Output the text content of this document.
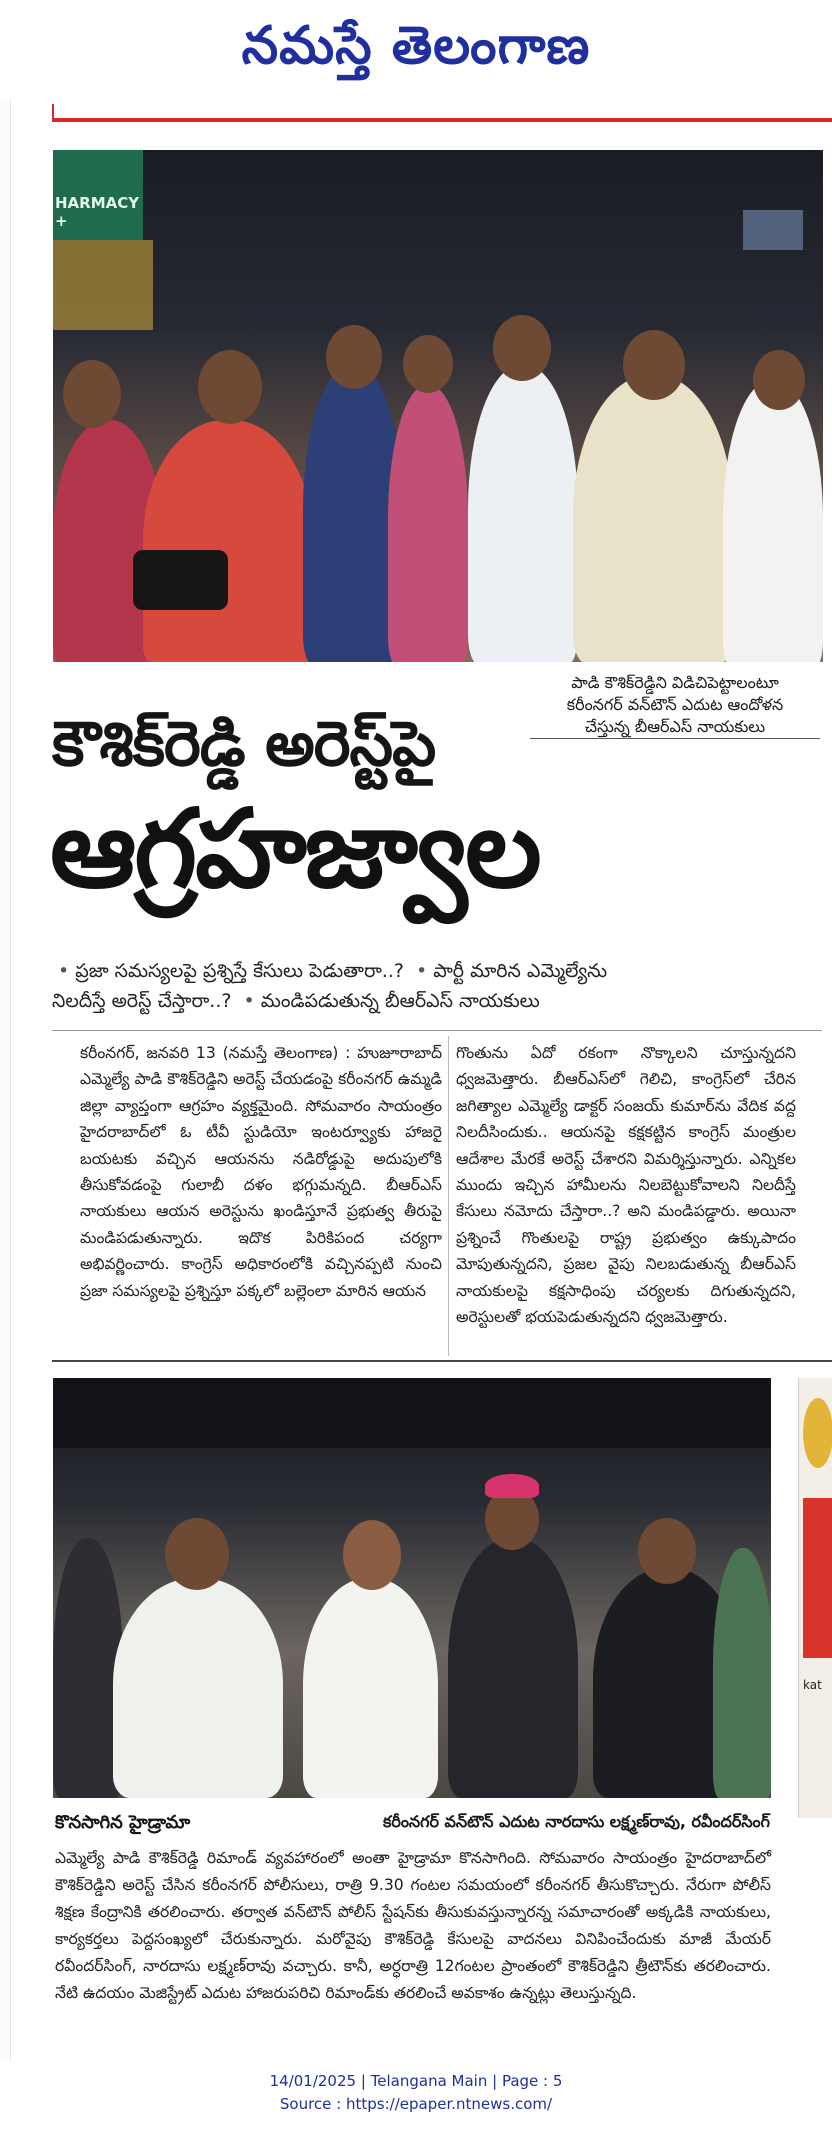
నమస్తే తెలంగాణ
HARMACY +
పాడి కౌశిక్‌రెడ్డిని విడిచిపెట్టాలంటూ
కరీంనగర్ వన్‌టౌన్ ఎదుట ఆందోళన
చేస్తున్న బీఆర్‌ఎస్ నాయకులు
కౌశిక్‌రెడ్డి అరెస్ట్‌పై
ఆగ్రహజ్వాల
• ప్రజా సమస్యలపై ప్రశ్నిస్తే కేసులు పెడుతారా..? • పార్టీ మారిన ఎమ్మెల్యేను నిలదీస్తే అరెస్ట్ చేస్తారా..? • మండిపడుతున్న బీఆర్‌ఎస్ నాయకులు
కరీంనగర్, జనవరి 13 (నమస్తే తెలంగాణ) : హుజూరాబాద్ ఎమ్మెల్యే పాడి కౌశిక్‌రెడ్డిని అరెస్ట్ చేయడంపై కరీంనగర్ ఉమ్మడి జిల్లా వ్యాప్తంగా ఆగ్రహం వ్యక్తమైంది. సోమవారం సాయంత్రం హైదరాబాద్‌లో ఓ టీవీ స్టుడియో ఇంటర్వ్యూకు హాజరై బయటకు వచ్చిన ఆయనను నడిరోడ్డుపై అదుపులోకి తీసుకోవడంపై గులాబీ దళం భగ్గుమన్నది. బీఆర్‌ఎస్ నాయకులు ఆయన అరెస్టును ఖండిస్తూనే ప్రభుత్వ తీరుపై మండిపడుతున్నారు. ఇదొక పిరికిపంద చర్యగా అభివర్ణించారు. కాంగ్రెస్ అధికారంలోకి వచ్చినప్పటి నుంచి ప్రజా సమస్యలపై ప్రశ్నిస్తూ పక్కలో బల్లెంలా మారిన ఆయన
గొంతును ఏదో రకంగా నొక్కాలని చూస్తున్నదని ధ్వజమెత్తారు. బీఆర్‌ఎస్‌లో గెలిచి, కాంగ్రెస్‌లో చేరిన జగిత్యాల ఎమ్మెల్యే డాక్టర్ సంజయ్ కుమార్‌ను వేదిక వద్ద నిలదీసిందుకు.. ఆయనపై కక్షకట్టిన కాంగ్రెస్ మంత్రుల ఆదేశాల మేరకే అరెస్ట్ చేశారని విమర్శిస్తున్నారు. ఎన్నికల ముందు ఇచ్చిన హామీలను నిలబెట్టుకోవాలని నిలదీస్తే కేసులు నమోదు చేస్తారా..? అని మండిపడ్డారు. అయినా ప్రశ్నించే గొంతులపై రాష్ట్ర ప్రభుత్వం ఉక్కుపాదం మోపుతున్నదని, ప్రజల వైపు నిలబడుతున్న బీఆర్‌ఎస్ నాయకులపై కక్షసాధింపు చర్యలకు దిగుతున్నదని, అరెస్టులతో భయపెడుతున్నదని ధ్వజమెత్తారు.
kat
కొనసాగిన హైడ్రామా	కరీంనగర్ వన్‌టౌన్ ఎదుట నారదాసు లక్ష్మణ్‌రావు, రవీందర్‌సింగ్
ఎమ్మెల్యే పాడి కౌశిక్‌రెడ్డి రిమాండ్ వ్యవహారంలో అంతా హైడ్రామా కొనసాగింది. సోమవారం సాయంత్రం హైదరాబాద్‌లో కౌశిక్‌రెడ్డిని అరెస్ట్ చేసిన కరీంనగర్ పోలీసులు, రాత్రి 9.30 గంటల సమయంలో కరీంనగర్ తీసుకొచ్చారు. నేరుగా పోలీస్ శిక్షణ కేంద్రానికి తరలించారు. తర్వాత వన్‌టౌన్ పోలీస్ స్టేషన్‌కు తీసుకువస్తున్నారన్న సమాచారంతో అక్కడికి నాయకులు, కార్యకర్తలు పెద్దసంఖ్యలో చేరుకున్నారు. మరోవైపు కౌశిక్‌రెడ్డి కేసులపై వాదనలు వినిపించేందుకు మాజీ మేయర్ రవీందర్‌సింగ్, నారదాసు లక్ష్మణ్‌రావు వచ్చారు. కానీ, అర్ధరాత్రి 12గంటల ప్రాంతంలో కౌశిక్‌రెడ్డిని త్రీటౌన్‌కు తరలించారు. నేటి ఉదయం మెజిస్ట్రేట్ ఎదుట హాజరుపరిచి రిమాండ్‌కు తరలించే అవకాశం ఉన్నట్లు తెలుస్తున్నది.
14/01/2025 | Telangana Main | Page : 5
Source : https://epaper.ntnews.com/
